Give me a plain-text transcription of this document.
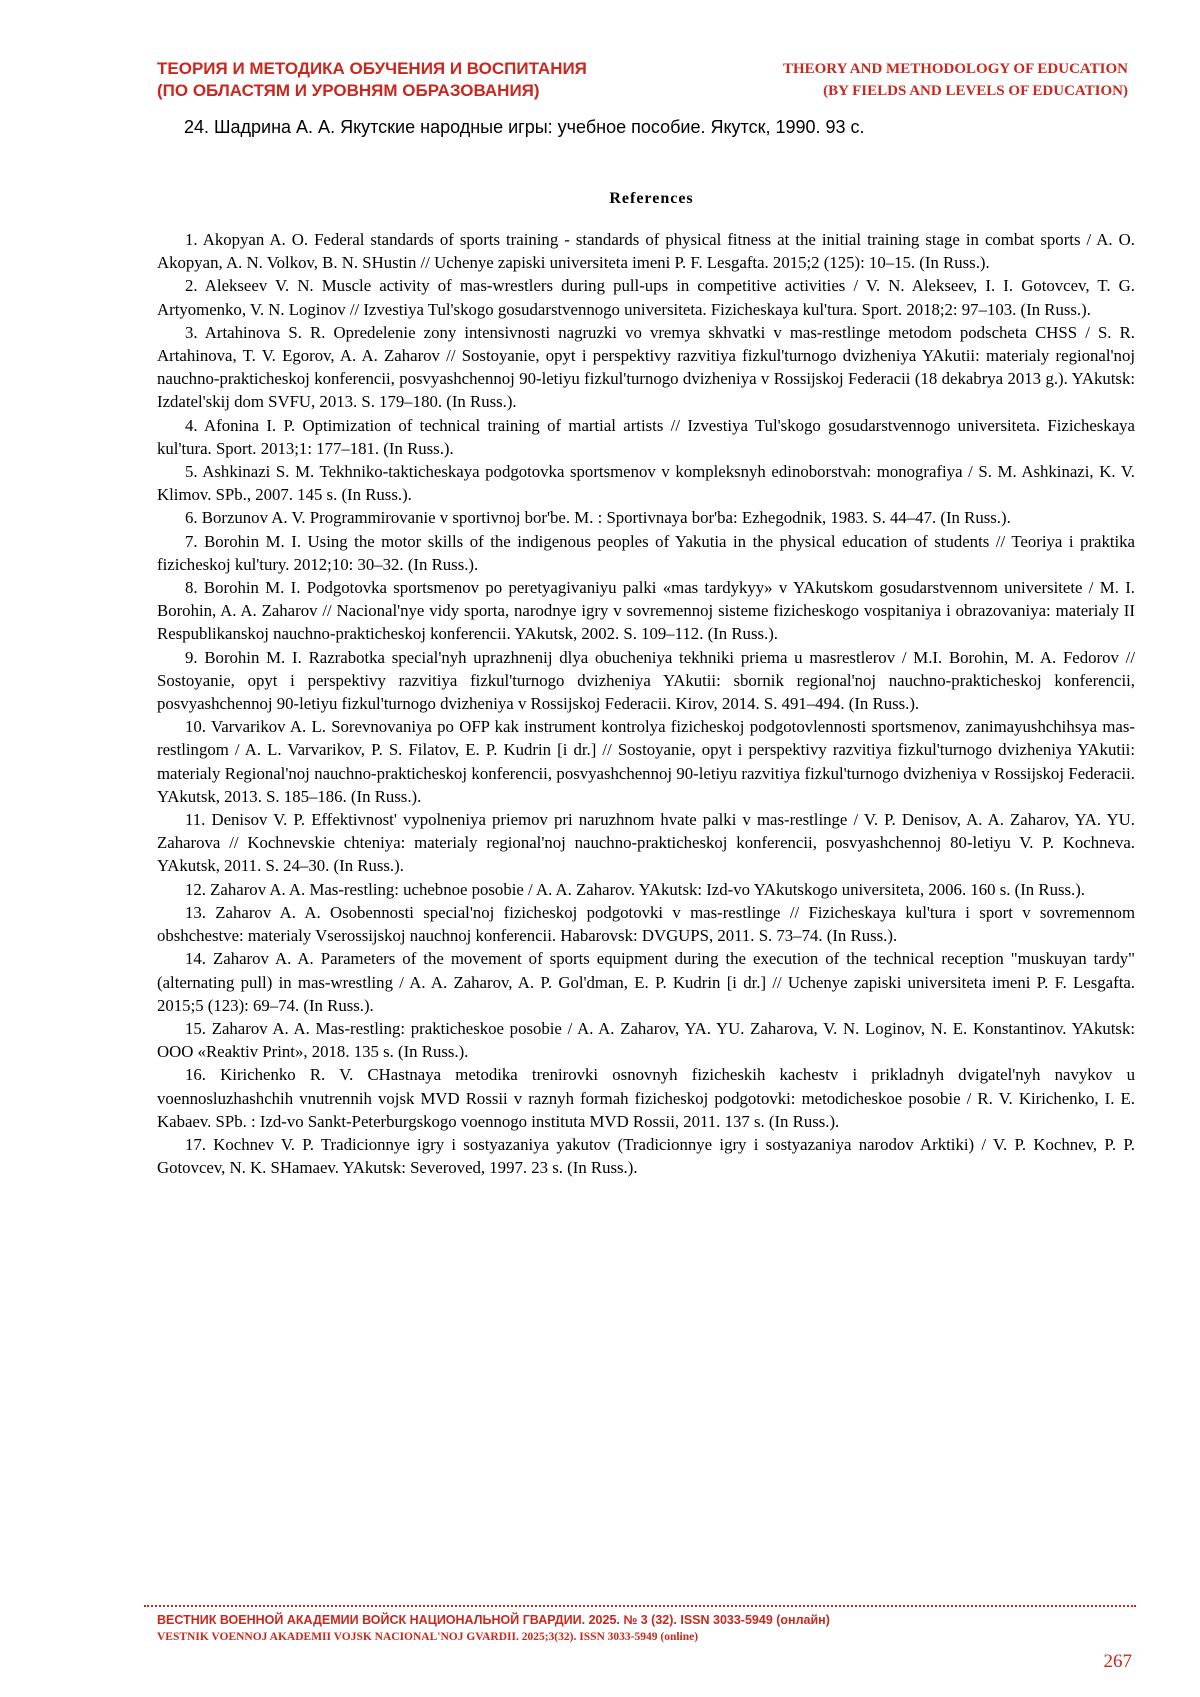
ТЕОРИЯ И МЕТОДИКА ОБУЧЕНИЯ И ВОСПИТАНИЯ
(ПО ОБЛАСТЯМ И УРОВНЯМ ОБРАЗОВАНИЯ)
THEORY AND METHODOLOGY OF EDUCATION
(BY FIELDS AND LEVELS OF EDUCATION)
24. Шадрина А. А. Якутские народные игры: учебное пособие. Якутск, 1990. 93 с.
References

1. Akopyan A. O. Federal standards of sports training - standards of physical fitness at the initial training stage in combat sports / A. O. Akopyan, A. N. Volkov, B. N. SHustin // Uchenye zapiski universiteta imeni P. F. Lesgafta. 2015;2 (125): 10–15. (In Russ.).

2. Alekseev V. N. Muscle activity of mas-wrestlers during pull-ups in competitive activities / V. N. Alekseev, I. I. Gotovcev, T. G. Artyomenko, V. N. Loginov // Izvestiya Tul'skogo gosudarstvennogo universiteta. Fizicheskaya kul'tura. Sport. 2018;2: 97–103. (In Russ.).

3. Artahinova S. R. Opredelenie zony intensivnosti nagruzki vo vremya skhvatki v mas-restlinge metodom podscheta CHSS / S. R. Artahinova, T. V. Egorov, A. A. Zaharov // Sostoyanie, opyt i perspektivy razvitiya fizkul'turnogo dvizheniya YAkutii: materialy regional'noj nauchno-prakticheskoj konferencii, posvyashchennoj 90-letiyu fizkul'turnogo dvizheniya v Rossijskoj Federacii (18 dekabrya 2013 g.). YAkutsk: Izdatel'skij dom SVFU, 2013. S. 179–180. (In Russ.).

4. Afonina I. P. Optimization of technical training of martial artists // Izvestiya Tul'skogo gosudarstvennogo universiteta. Fizicheskaya kul'tura. Sport. 2013;1: 177–181. (In Russ.).

5. Ashkinazi S. M. Tekhniko-takticheskaya podgotovka sportsmenov v kompleksnyh edinoborstvah: monografiya / S. M. Ashkinazi, K. V. Klimov. SPb., 2007. 145 s. (In Russ.).

6. Borzunov A. V. Programmirovanie v sportivnoj bor'be. M. : Sportivnaya bor'ba: Ezhegodnik, 1983. S. 44–47. (In Russ.).

7. Borohin M. I. Using the motor skills of the indigenous peoples of Yakutia in the physical education of students // Teoriya i praktika fizicheskoj kul'tury. 2012;10: 30–32. (In Russ.).

8. Borohin M. I. Podgotovka sportsmenov po peretyagivaniyu palki «mas tardykyy» v YAkutskom gosudarstvennom universitete / M. I. Borohin, A. A. Zaharov // Nacional'nye vidy sporta, narodnye igry v sovremennoj sisteme fizicheskogo vospitaniya i obrazovaniya: materialy II Respublikanskoj nauchno-prakticheskoj konferencii. YAkutsk, 2002. S. 109–112. (In Russ.).

9. Borohin M. I. Razrabotka special'nyh uprazhnenij dlya obucheniya tekhniki priema u masrestlerov / M.I. Borohin, M. A. Fedorov // Sostoyanie, opyt i perspektivy razvitiya fizkul'turnogo dvizheniya YAkutii: sbornik regional'noj nauchno-prakticheskoj konferencii, posvyashchennoj 90-letiyu fizkul'turnogo dvizheniya v Rossijskoj Federacii. Kirov, 2014. S. 491–494. (In Russ.).

10. Varvarikov A. L. Sorevnovaniya po OFP kak instrument kontrolya fizicheskoj podgotovlennosti sportsmenov, zanimayushchihsya mas-restlingom / A. L. Varvarikov, P. S. Filatov, E. P. Kudrin [i dr.] // Sostoyanie, opyt i perspektivy razvitiya fizkul'turnogo dvizheniya YAkutii: materialy Regional'noj nauchno-prakticheskoj konferencii, posvyashchennoj 90-letiyu razvitiya fizkul'turnogo dvizheniya v Rossijskoj Federacii. YAkutsk, 2013. S. 185–186. (In Russ.).

11. Denisov V. P. Effektivnost' vypolneniya priemov pri naruzhnom hvate palki v mas-restlinge / V. P. Denisov, A. A. Zaharov, YA. YU. Zaharova // Kochnevskie chteniya: materialy regional'noj nauchno-prakticheskoj konferencii, posvyashchennoj 80-letiyu V. P. Kochneva. YAkutsk, 2011. S. 24–30. (In Russ.).

12. Zaharov A. A. Mas-restling: uchebnoe posobie / A. A. Zaharov. YAkutsk: Izd-vo YAkutskogo universiteta, 2006. 160 s. (In Russ.).

13. Zaharov A. A. Osobennosti special'noj fizicheskoj podgotovki v mas-restlinge // Fizicheskaya kul'tura i sport v sovremennom obshchestve: materialy Vserossijskoj nauchnoj konferencii. Habarovsk: DVGUPS, 2011. S. 73–74. (In Russ.).

14. Zaharov A. A. Parameters of the movement of sports equipment during the execution of the technical reception "muskuyan tardy" (alternating pull) in mas-wrestling / A. A. Zaharov, A. P. Gol'dman, E. P. Kudrin [i dr.] // Uchenye zapiski universiteta imeni P. F. Lesgafta. 2015;5 (123): 69–74. (In Russ.).

15. Zaharov A. A. Mas-restling: prakticheskoe posobie / A. A. Zaharov, YA. YU. Zaharova, V. N. Loginov, N. E. Konstantinov. YAkutsk: OOO «Reaktiv Print», 2018. 135 s. (In Russ.).

16. Kirichenko R. V. CHastnaya metodika trenirovki osnovnyh fizicheskih kachestv i prikladnyh dvigatel'nyh navykov u voennosluzhashchih vnutrennih vojsk MVD Rossii v raznyh formah fizicheskoj podgotovki: metodicheskoe posobie / R. V. Kirichenko, I. E. Kabaev. SPb. : Izd-vo Sankt-Peterburgskogo voennogo instituta MVD Rossii, 2011. 137 s. (In Russ.).

17. Kochnev V. P. Tradicionnye igry i sostyazaniya yakutov (Tradicionnye igry i sostyazaniya narodov Arktiki) / V. P. Kochnev, P. P. Gotovcev, N. K. SHamaev. YAkutsk: Severoved, 1997. 23 s. (In Russ.).

ВЕСТНИК ВОЕННОЙ АКАДЕМИИ ВОЙСК НАЦИОНАЛЬНОЙ ГВАРДИИ. 2025. № 3 (32). ISSN 3033-5949 (онлайн)
VESTNIK VOENNOJ AKADEMII VOJSK NACIONAL'NOJ GVARDII. 2025;3(32). ISSN 3033-5949 (online)
267
